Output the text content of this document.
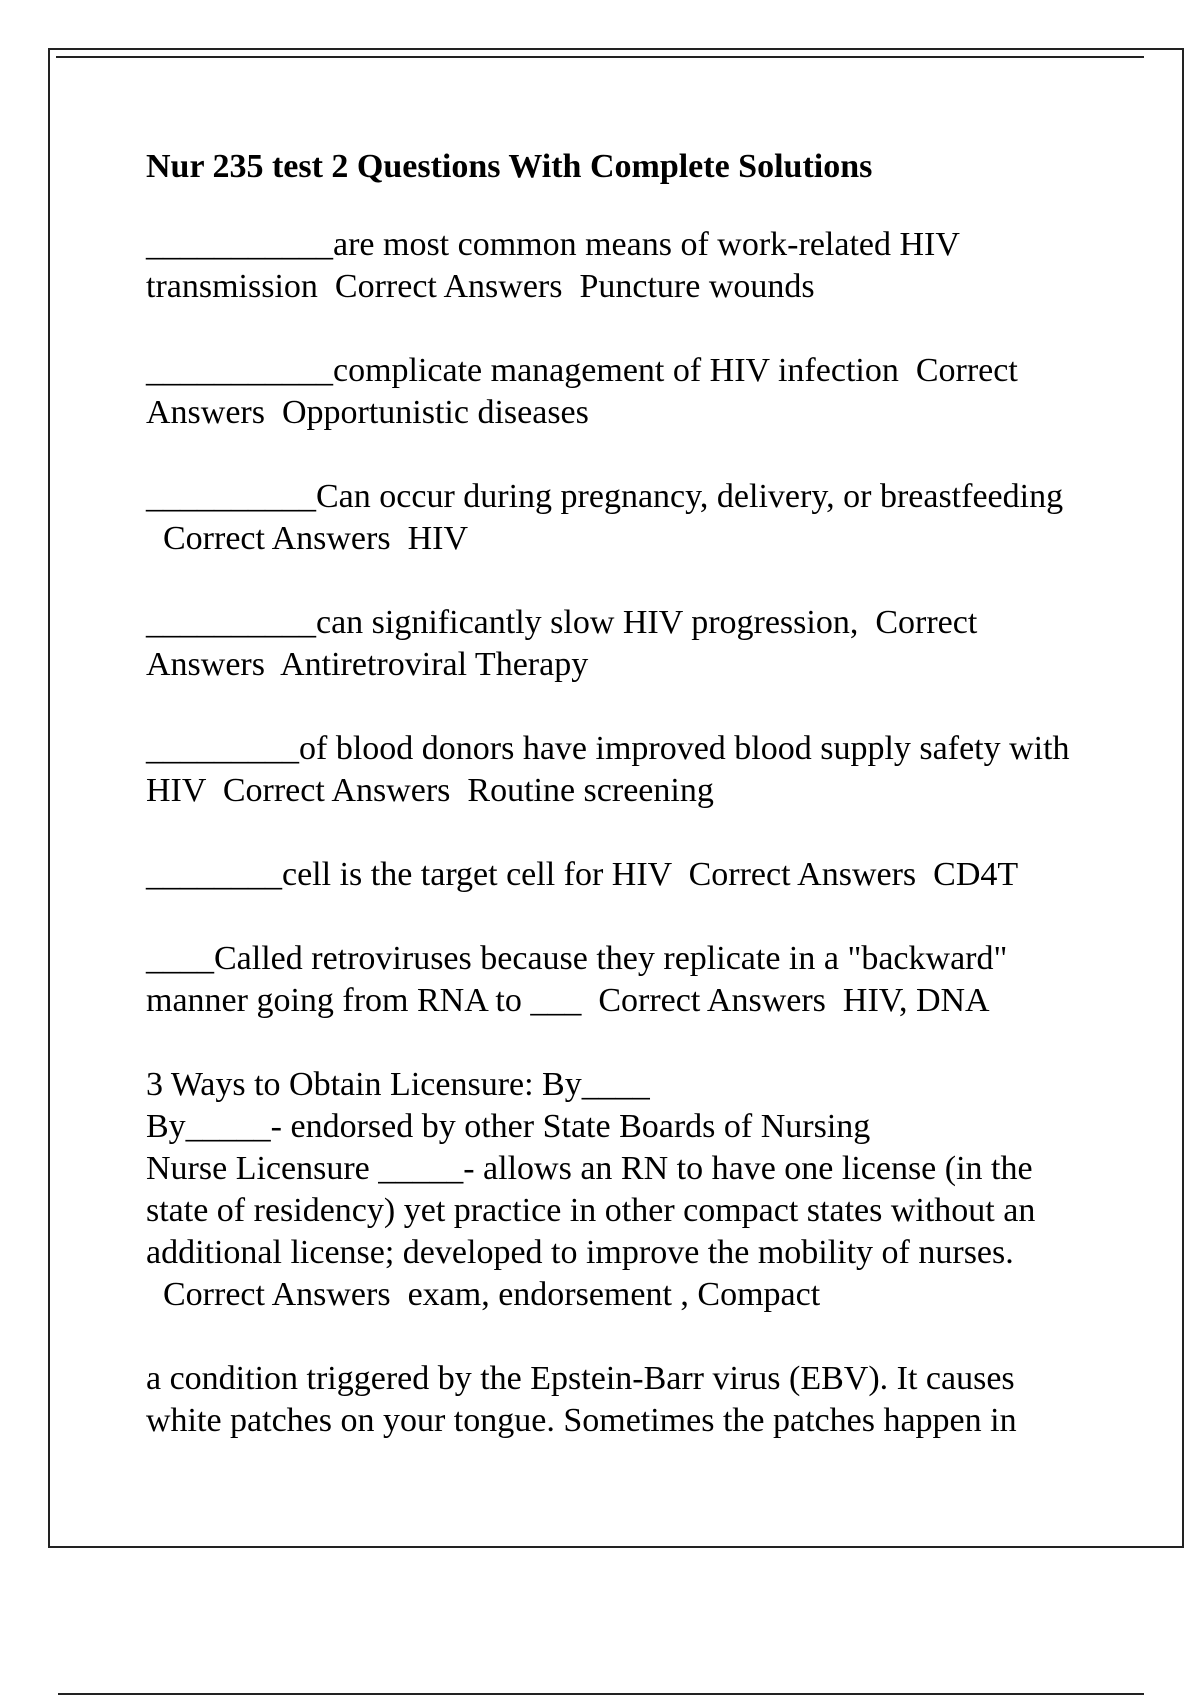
Nur 235 test 2 Questions With Complete Solutions

___________are most common means of work-related HIV transmission Correct Answers Puncture wounds

___________complicate management of HIV infection Correct Answers Opportunistic diseases

__________Can occur during pregnancy, delivery, or breastfeeding  Correct Answers HIV

__________can significantly slow HIV progression, Correct Answers Antiretroviral Therapy

_________of blood donors have improved blood supply safety with HIV Correct Answers Routine screening

________cell is the target cell for HIV Correct Answers CD4T

____Called retroviruses because they replicate in a "backward" manner going from RNA to ___ Correct Answers HIV, DNA

3 Ways to Obtain Licensure: By____
By_____- endorsed by other State Boards of Nursing
Nurse Licensure _____- allows an RN to have one license (in the state of residency) yet practice in other compact states without an additional license; developed to improve the mobility of nurses.  Correct Answers exam, endorsement , Compact

a condition triggered by the Epstein-Barr virus (EBV). It causes white patches on your tongue. Sometimes the patches happen in
